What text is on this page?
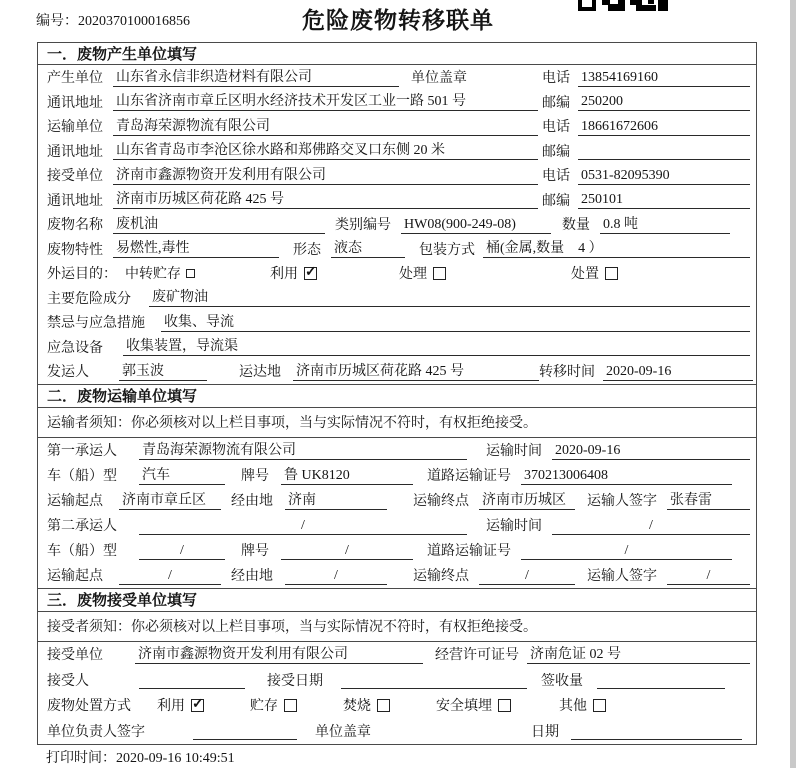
编号：2020370100016856	危险废物转移联单
一．废物产生单位填写
产生单位 山东省永信非织造材料有限公司	单位盖章	电话 13854169160
通讯地址 山东省济南市章丘区明水经济技术开发区工业一路 501 号	邮编 250200
运输单位 青岛海荣源物流有限公司	电话 18661672606
通讯地址 山东省青岛市李沧区徐水路和郑佛路交叉口东侧 20 米	邮编
接受单位 济南市鑫源物资开发利用有限公司	电话 0531-82095390
通讯地址 济南市历城区荷花路 425 号	邮编 250101
废物名称 废机油	类别编号 HW08(900-249-08)	数量 0.8 吨
废物特性 易燃性,毒性	形态 液态	包装方式 桶(金属,数量　4 ）
外运目的： 中转贮存	利用 ✓	处理	处置
主要危险成分 废矿物油
禁忌与应急措施 收集、导流
应急设备 收集装置，导流渠
发运人	郭玉波	运达地 济南市历城区荷花路 425 号	转移时间 2020-09-16
二．废物运输单位填写
运输者须知：你必须核对以上栏目事项，当与实际情况不符时，有权拒绝接受。
第一承运人	青岛海荣源物流有限公司	运输时间 2020-09-16
车（船）型	汽车	牌号 鲁 UK8120	道路运输证号 370213006408
运输起点 济南市章丘区	经由地 济南	运输终点 济南市历城区	运输人签字 张春雷
第二承运人	/	运输时间	/
车（船）型	/	牌号	/	道路运输证号	/
运输起点	/	经由地	/	运输终点	/	运输人签字	/
三．废物接受单位填写
接受者须知：你必须核对以上栏目事项，当与实际情况不符时，有权拒绝接受。
接受单位	济南市鑫源物资开发利用有限公司	经营许可证号 济南危证 02 号
接受人	接受日期	签收量
废物处置方式 利用 ✓	贮存	焚烧	安全填埋	其他
单位负责人签字	单位盖章	日期
打印时间：2020-09-16 10:49:51
